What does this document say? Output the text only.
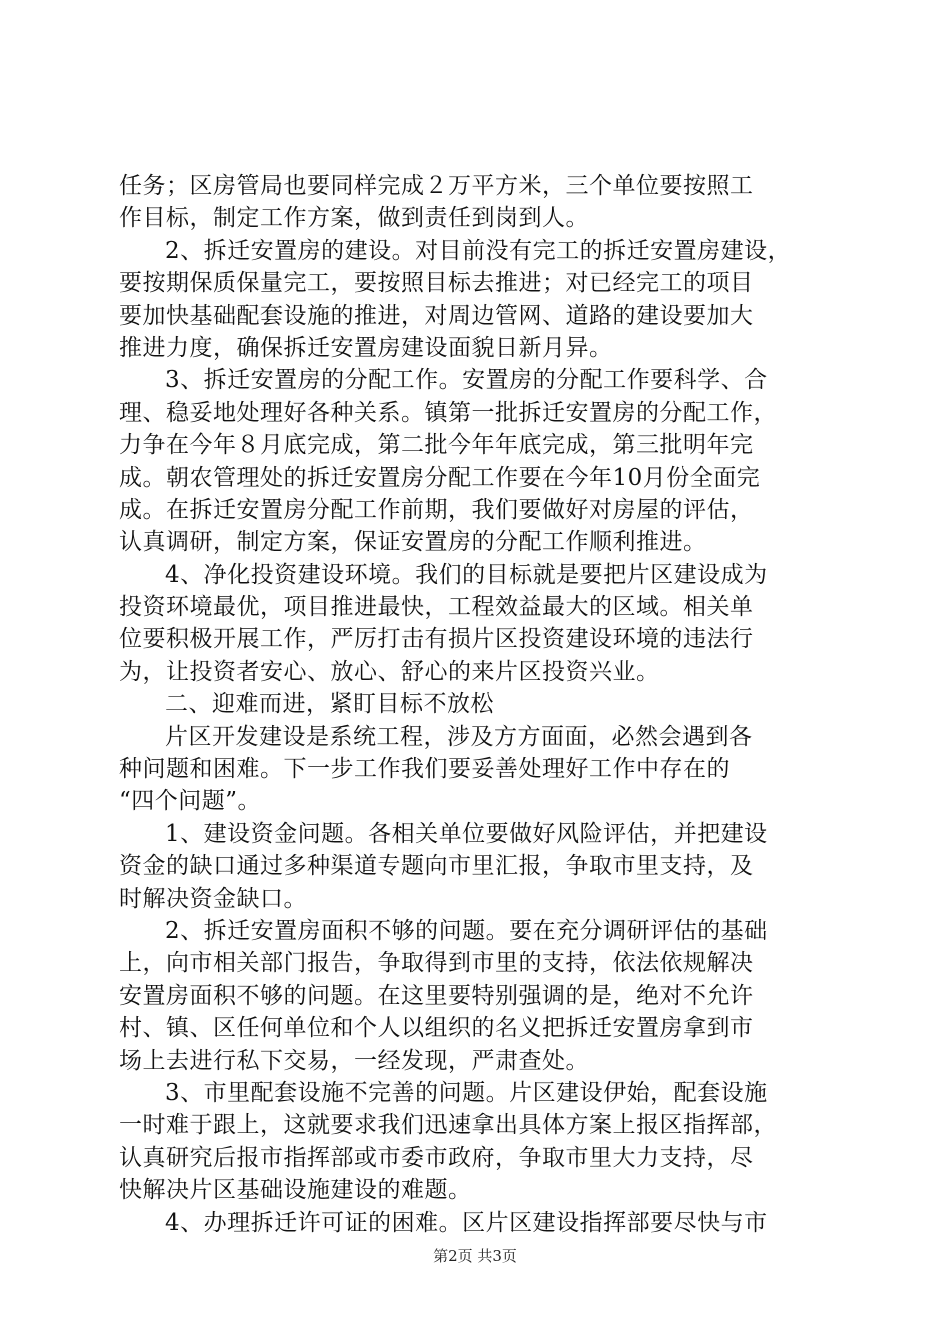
任务；区房管局也要同样完成２万平方米，三个单位要按照工
作目标，制定工作方案，做到责任到岗到人。
2、拆迁安置房的建设。对目前没有完工的拆迁安置房建设，
要按期保质保量完工，要按照目标去推进；对已经完工的项目
要加快基础配套设施的推进，对周边管网、道路的建设要加大
推进力度，确保拆迁安置房建设面貌日新月异。
3、拆迁安置房的分配工作。安置房的分配工作要科学、合
理、稳妥地处理好各种关系。镇第一批拆迁安置房的分配工作，
力争在今年８月底完成，第二批今年年底完成，第三批明年完
成。朝农管理处的拆迁安置房分配工作要在今年10月份全面完
成。在拆迁安置房分配工作前期，我们要做好对房屋的评估，
认真调研，制定方案，保证安置房的分配工作顺利推进。
4、净化投资建设环境。我们的目标就是要把片区建设成为
投资环境最优，项目推进最快，工程效益最大的区域。相关单
位要积极开展工作，严厉打击有损片区投资建设环境的违法行
为，让投资者安心、放心、舒心的来片区投资兴业。
二、迎难而进，紧盯目标不放松
片区开发建设是系统工程，涉及方方面面，必然会遇到各
种问题和困难。下一步工作我们要妥善处理好工作中存在的
“四个问题”。
1、建设资金问题。各相关单位要做好风险评估，并把建设
资金的缺口通过多种渠道专题向市里汇报，争取市里支持，及
时解决资金缺口。
2、拆迁安置房面积不够的问题。要在充分调研评估的基础
上，向市相关部门报告，争取得到市里的支持，依法依规解决
安置房面积不够的问题。在这里要特别强调的是，绝对不允许
村、镇、区任何单位和个人以组织的名义把拆迁安置房拿到市
场上去进行私下交易，一经发现，严肃查处。
3、市里配套设施不完善的问题。片区建设伊始，配套设施
一时难于跟上，这就要求我们迅速拿出具体方案上报区指挥部，
认真研究后报市指挥部或市委市政府，争取市里大力支持，尽
快解决片区基础设施建设的难题。
4、办理拆迁许可证的困难。区片区建设指挥部要尽快与市
第2页 共3页
